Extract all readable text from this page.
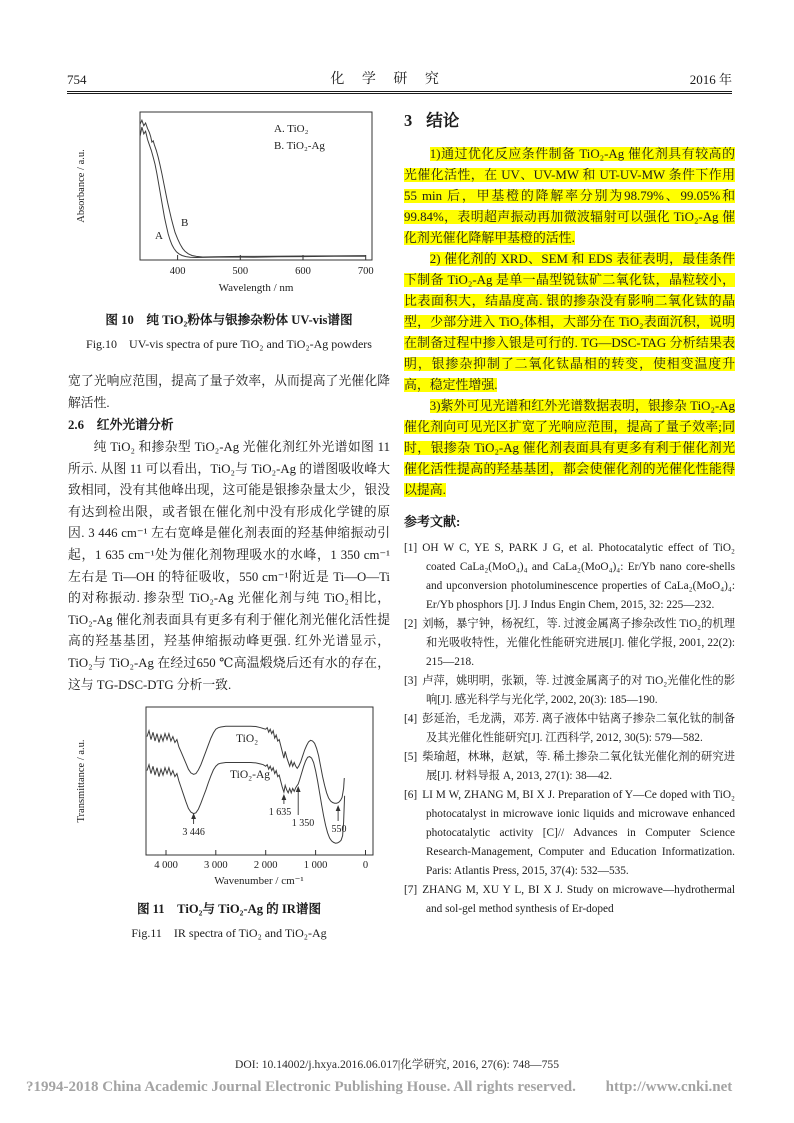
754	化 学 研 究	2016 年
Absorbance / a.u.
400	500	600	700
Wavelength / nm
A. TiO₂
B. TiO₂-Ag
A
B
图 10　纯 TiO₂粉体与银掺杂粉体 UV-vis谱图
Fig.10　UV-vis spectra of pure TiO₂ and TiO₂-Ag powders

宽了光响应范围，提高了量子效率，从而提高了光催化降解活性.

2.6　红外光谱分析

纯 TiO₂ 和掺杂型 TiO₂-Ag 光催化剂红外光谱如图 11 所示. 从图 11 可以看出，TiO₂与 TiO₂-Ag 的谱图吸收峰大致相同，没有其他峰出现，这可能是银掺杂量太少，银没有达到检出限，或者银在催化剂中没有形成化学键的原因. 3 446 cm⁻¹ 左右宽峰是催化剂表面的羟基伸缩振动引起，1 635 cm⁻¹处为催化剂物理吸水的水峰，1 350 cm⁻¹ 左右是 Ti—OH 的特征吸收，550 cm⁻¹附近是 Ti—O—Ti 的对称振动. 掺杂型 TiO₂-Ag 光催化剂与纯 TiO₂相比，TiO₂-Ag 催化剂表面具有更多有利于催化剂光催化活性提高的羟基基团，羟基伸缩振动峰更强. 红外光谱显示，TiO₂与 TiO₂-Ag 在经过650 ℃高温煅烧后还有水的存在，这与 TG-DSC-DTG 分析一致.

Transmittance / a.u.
4 000 3 000	2 000	1 000	0
Wavenumber / cm⁻¹
TiO₂
TiO₂-Ag
3 446
1 635
1 350
550
图 11　TiO₂与 TiO₂-Ag 的 IR谱图
Fig.11　IR spectra of TiO₂ and TiO₂-Ag
3 结论

1)通过优化反应条件制备 TiO₂-Ag 催化剂具有较高的光催化活性，在 UV、UV-MW 和 UT-UV-MW 条件下作用 55 min 后，甲基橙的降解率分别为98.79%、99.05%和 99.84%，表明超声振动再加微波辐射可以强化 TiO₂-Ag 催化剂光催化降解甲基橙的活性.

2) 催化剂的 XRD、SEM 和 EDS 表征表明，最佳条件下制备 TiO₂-Ag 是单一晶型锐钛矿二氧化钛，晶粒较小，比表面积大，结晶度高. 银的掺杂没有影响二氧化钛的晶型，少部分进入 TiO₂体相，大部分在 TiO₂表面沉积，说明在制备过程中掺入银是可行的. TG—DSC-TAG 分析结果表明，银掺杂抑制了二氧化钛晶相的转变，使相变温度升高，稳定性增强.

3)紫外可见光谱和红外光谱数据表明，银掺杂 TiO₂-Ag 催化剂向可见光区扩宽了光响应范围，提高了量子效率;同时，银掺杂 TiO₂-Ag 催化剂表面具有更多有利于催化剂光催化活性提高的羟基基团，都会使催化剂的光催化性能得以提高.

参考文献:
[1] OH W C, YE S, PARK J G, et al. Photocatalytic effect of TiO₂ coated CaLa₂(MoO₄)₄ and CaLa₂(MoO₄)₄: Er/Yb nano core-shells and upconversion photoluminescence properties of CaLa₂(MoO₄)₄: Er/Yb phosphors [J]. J Indus Engin Chem, 2015, 32: 225—232.
[2] 刘畅，暴宁钟，杨祝红，等. 过渡金属离子掺杂改性 TiO₂的机理和光吸收特性，光催化性能研究进展[J]. 催化学报, 2001, 22(2): 215—218.
[3] 卢萍，姚明明，张颖，等. 过渡金属离子的对 TiO₂光催化性的影响[J]. 感光科学与光化学, 2002, 20(3): 185—190.
[4] 彭延治，毛龙满，邓芳. 离子液体中钴离子掺杂二氧化钛的制备及其光催化性能研究[J]. 江西科学, 2012, 30(5): 579—582.
[5] 柴瑜超，林琳，赵斌，等. 稀土掺杂二氧化钛光催化剂的研究进展[J]. 材料导报 A, 2013, 27(1): 38—42.
[6] LI M W, ZHANG M, BI X J. Preparation of Y—Ce doped with TiO₂ photocatalyst in microwave ionic liquids and microwave enhanced photocatalytic activity [C]// Advances in Computer Science Research-Management, Computer and Education Informatization. Paris: Atlantis Press, 2015, 37(4): 532—535.
[7] ZHANG M, XU Y L, BI X J. Study on microwave—hydrothermal and sol-gel method synthesis of Er-doped
DOI: 10.14002/j.hxya.2016.06.017|化学研究, 2016, 27(6): 748—755
?1994-2018 China Academic Journal Electronic Publishing House. All rights reserved. http://www.cnki.net
